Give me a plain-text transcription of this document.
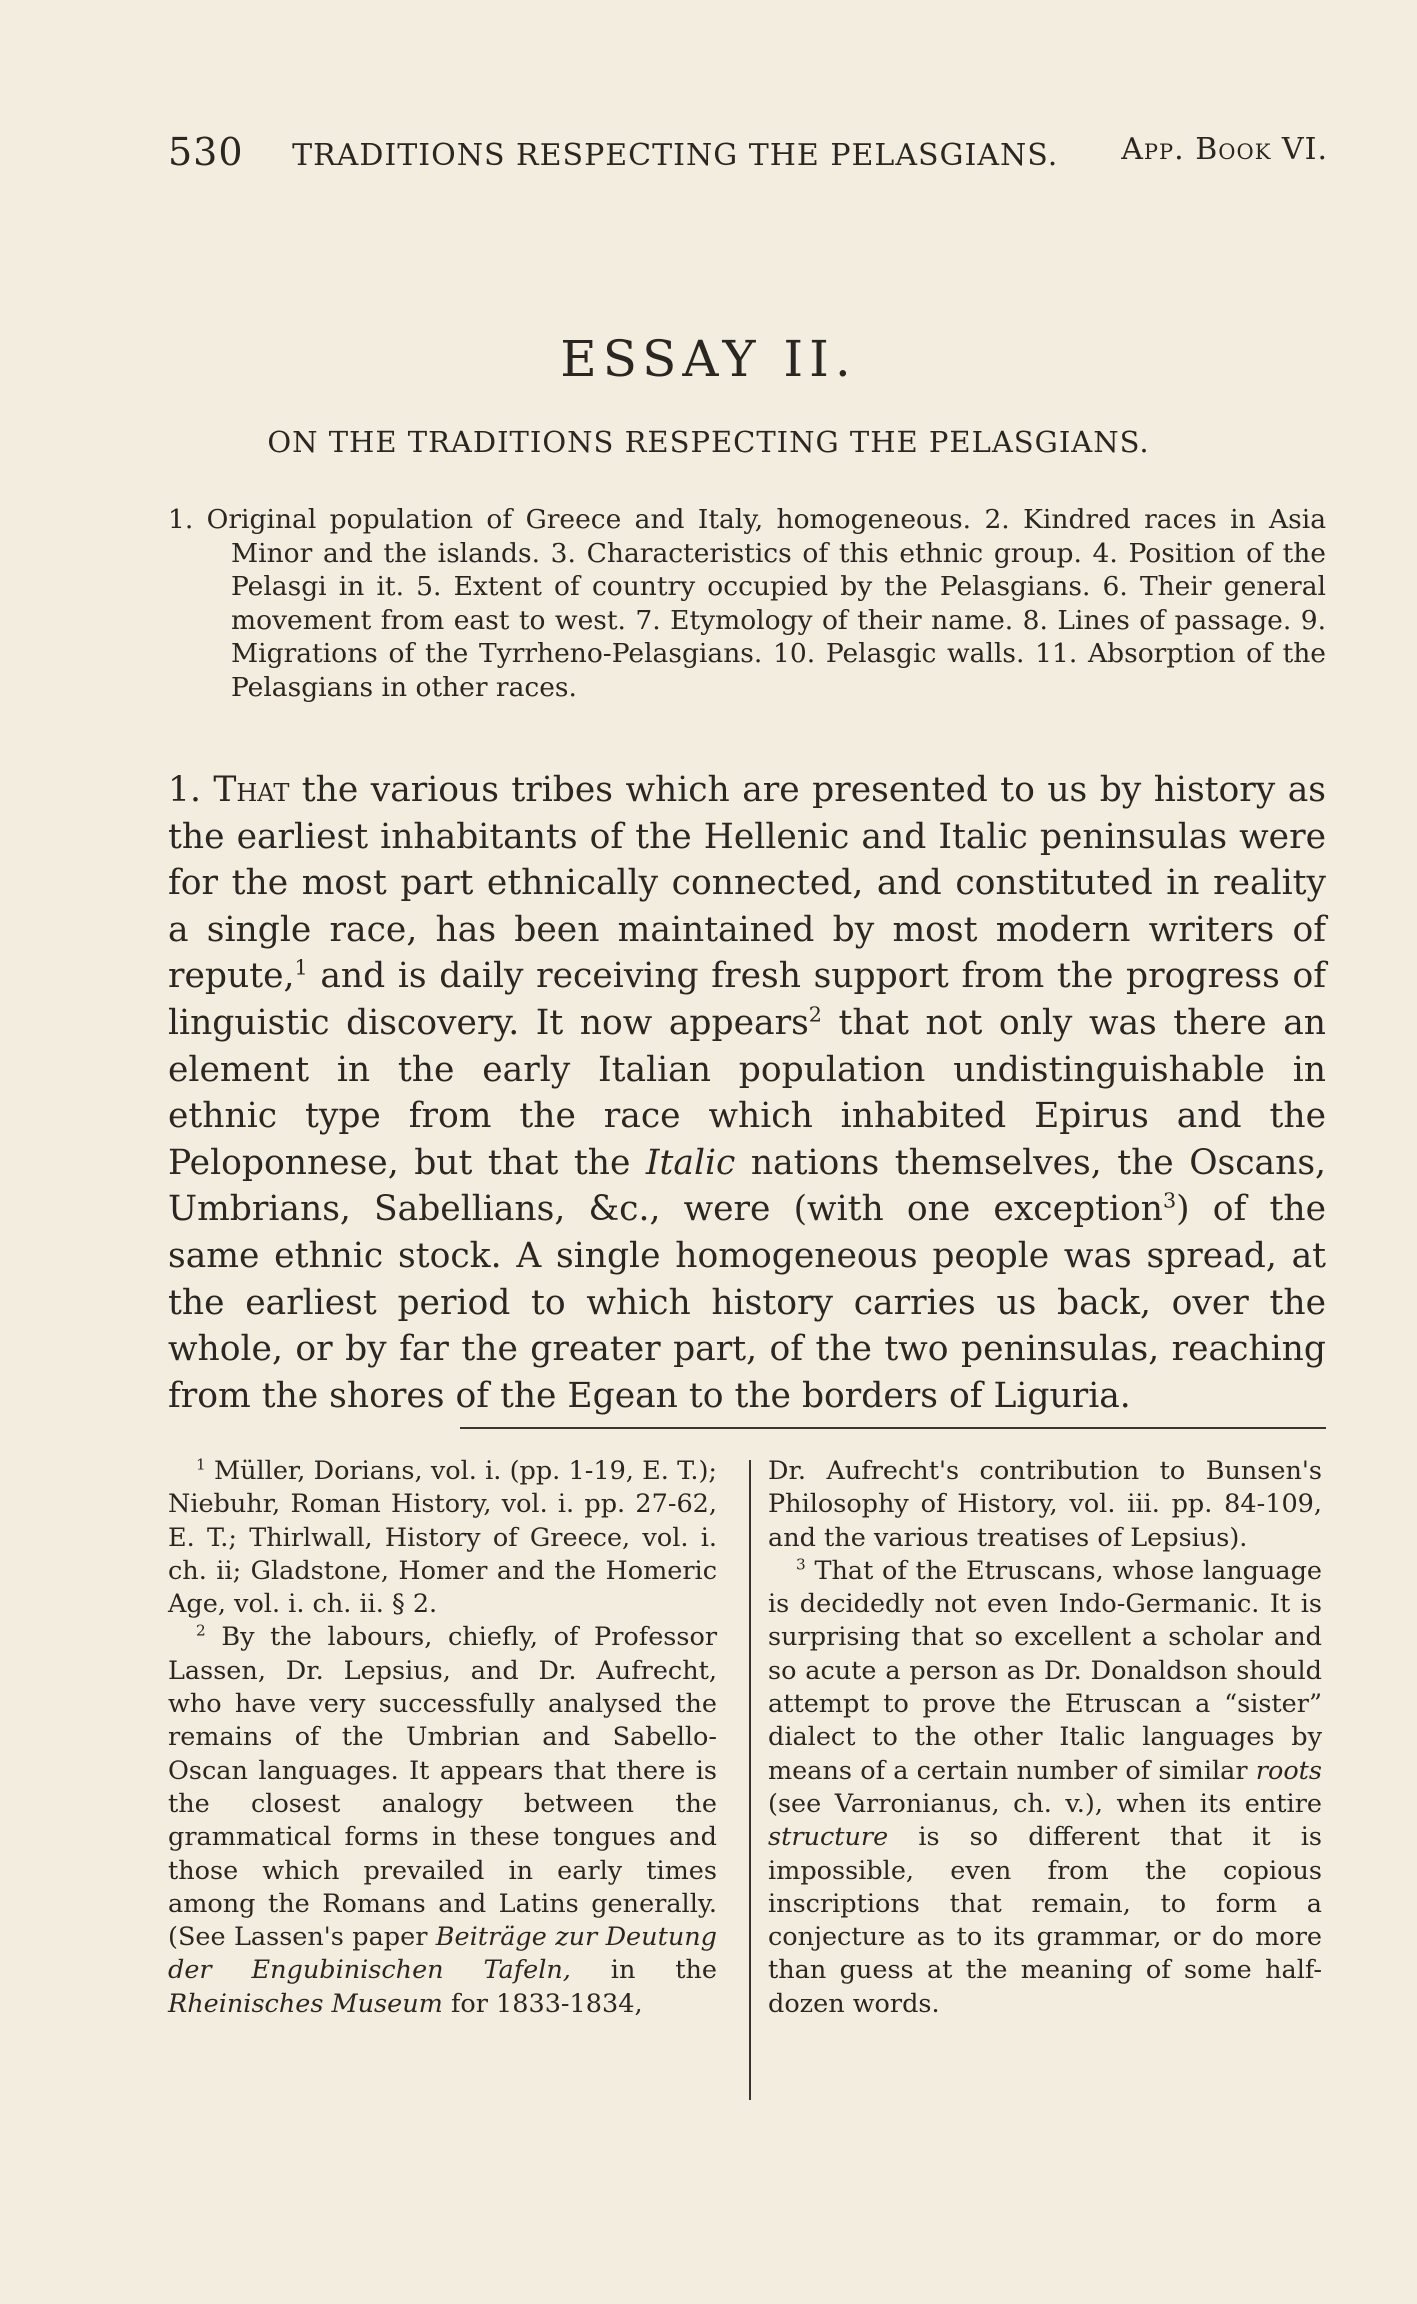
530 TRADITIONS RESPECTING THE PELASGIANS. App. Book VI.
ESSAY II.
ON THE TRADITIONS RESPECTING THE PELASGIANS.
1. Original population of Greece and Italy, homogeneous. 2. Kindred races in Asia Minor and the islands. 3. Characteristics of this ethnic group. 4. Position of the Pelasgi in it. 5. Extent of country occupied by the Pelasgians. 6. Their general movement from east to west. 7. Etymology of their name. 8. Lines of passage. 9. Migrations of the Tyrrheno-Pelasgians. 10. Pelasgic walls. 11. Absorption of the Pelasgians in other races.
1. That the various tribes which are presented to us by history as the earliest inhabitants of the Hellenic and Italic peninsulas were for the most part ethnically connected, and constituted in reality a single race, has been maintained by most modern writers of repute,$^1$ and is daily receiving fresh support from the progress of linguistic discovery. It now appears$^2$ that not only was there an element in the early Italian population undistinguishable in ethnic type from the race which inhabited Epirus and the Peloponnese, but that the Italic nations themselves, the Oscans, Umbrians, Sabellians, &c., were (with one exception$^3$) of the same ethnic stock. A single homogeneous people was spread, at the earliest period to which history carries us back, over the whole, or by far the greater part, of the two peninsulas, reaching from the shores of the Egean to the borders of Liguria.

$^1$ Müller, Dorians, vol. i. (pp. 1-19, E. T.); Niebuhr, Roman History, vol. i. pp. 27-62, E. T.; Thirlwall, History of Greece, vol. i. ch. ii; Gladstone, Homer and the Homeric Age, vol. i. ch. ii. § 2.

$^2$ By the labours, chiefly, of Professor Lassen, Dr. Lepsius, and Dr. Aufrecht, who have very successfully analysed the remains of the Umbrian and Sabello-Oscan languages. It appears that there is the closest analogy between the grammatical forms in these tongues and those which prevailed in early times among the Romans and Latins generally. (See Lassen's paper Beiträge zur Deutung der Engubinischen Tafeln, in the Rheinisches Museum for 1833-1834,

Dr. Aufrecht's contribution to Bunsen's Philosophy of History, vol. iii. pp. 84-109, and the various treatises of Lepsius).

$^3$ That of the Etruscans, whose language is decidedly not even Indo-Germanic. It is surprising that so excellent a scholar and so acute a person as Dr. Donaldson should attempt to prove the Etruscan a “sister” dialect to the other Italic languages by means of a certain number of similar roots (see Varronianus, ch. v.), when its entire structure is so different that it is impossible, even from the copious inscriptions that remain, to form a conjecture as to its grammar, or do more than guess at the meaning of some half-dozen words.
